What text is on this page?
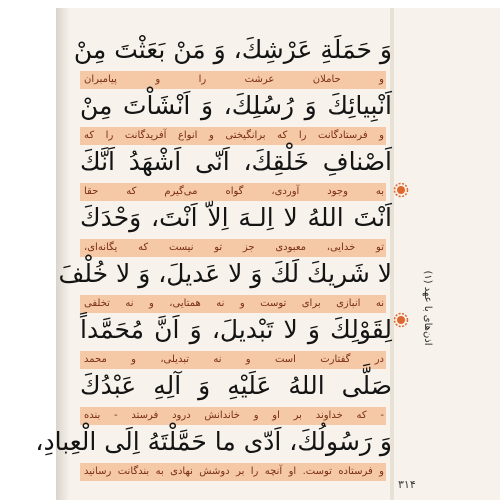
وَ حَمَلَةِ عَرْشِكَ، وَ مَنْ بَعَثْتَ مِنْ
اَنْبِيائِكَ وَ رُسُلِكَ، وَ اَنْشَاْتَ مِنْ
اَصْنافِ خَلْقِكَ، اَنّى اَشْهَدُ اَنَّكَ
اَنْتَ اللهُ لا اِلـهَ اِلاّ اَنْتَ، وَحْدَكَ
لا شَريكَ لَكَ وَ لا عَديلَ، وَ لا خُلْفَ
لِقَوْلِكَ وَ لا تَبْديلَ، وَ اَنَّ مُحَمَّداً
صَلَّى اللهُ عَلَيْهِ وَ آلِهِ عَبْدُكَ
وَ رَسُولُكَ، اَدّى ما حَمَّلْتَهُ اِلَى الْعِبادِ،
و حاملان عرشت را و پیامبران
و فرستادگانت را که برانگیختی و انواع آفریدگانت را که
به وجود آوردی، گواه می‌گیرم که حقا
تو خدایی، معبودی جز تو نیست که یگانه‌ای،
نه انبازی برای توست و نه همتایی، و نه تخلفی
در گفتارت است و نه تبدیلی، و محمد
- که خداوند بر او و خاندانش درود فرستد - بنده
و فرستاده توست. او آنچه را بر دوشش نهادی به بندگانت رسانید
اذن‌های با عهد (۱)
۳۱۴
